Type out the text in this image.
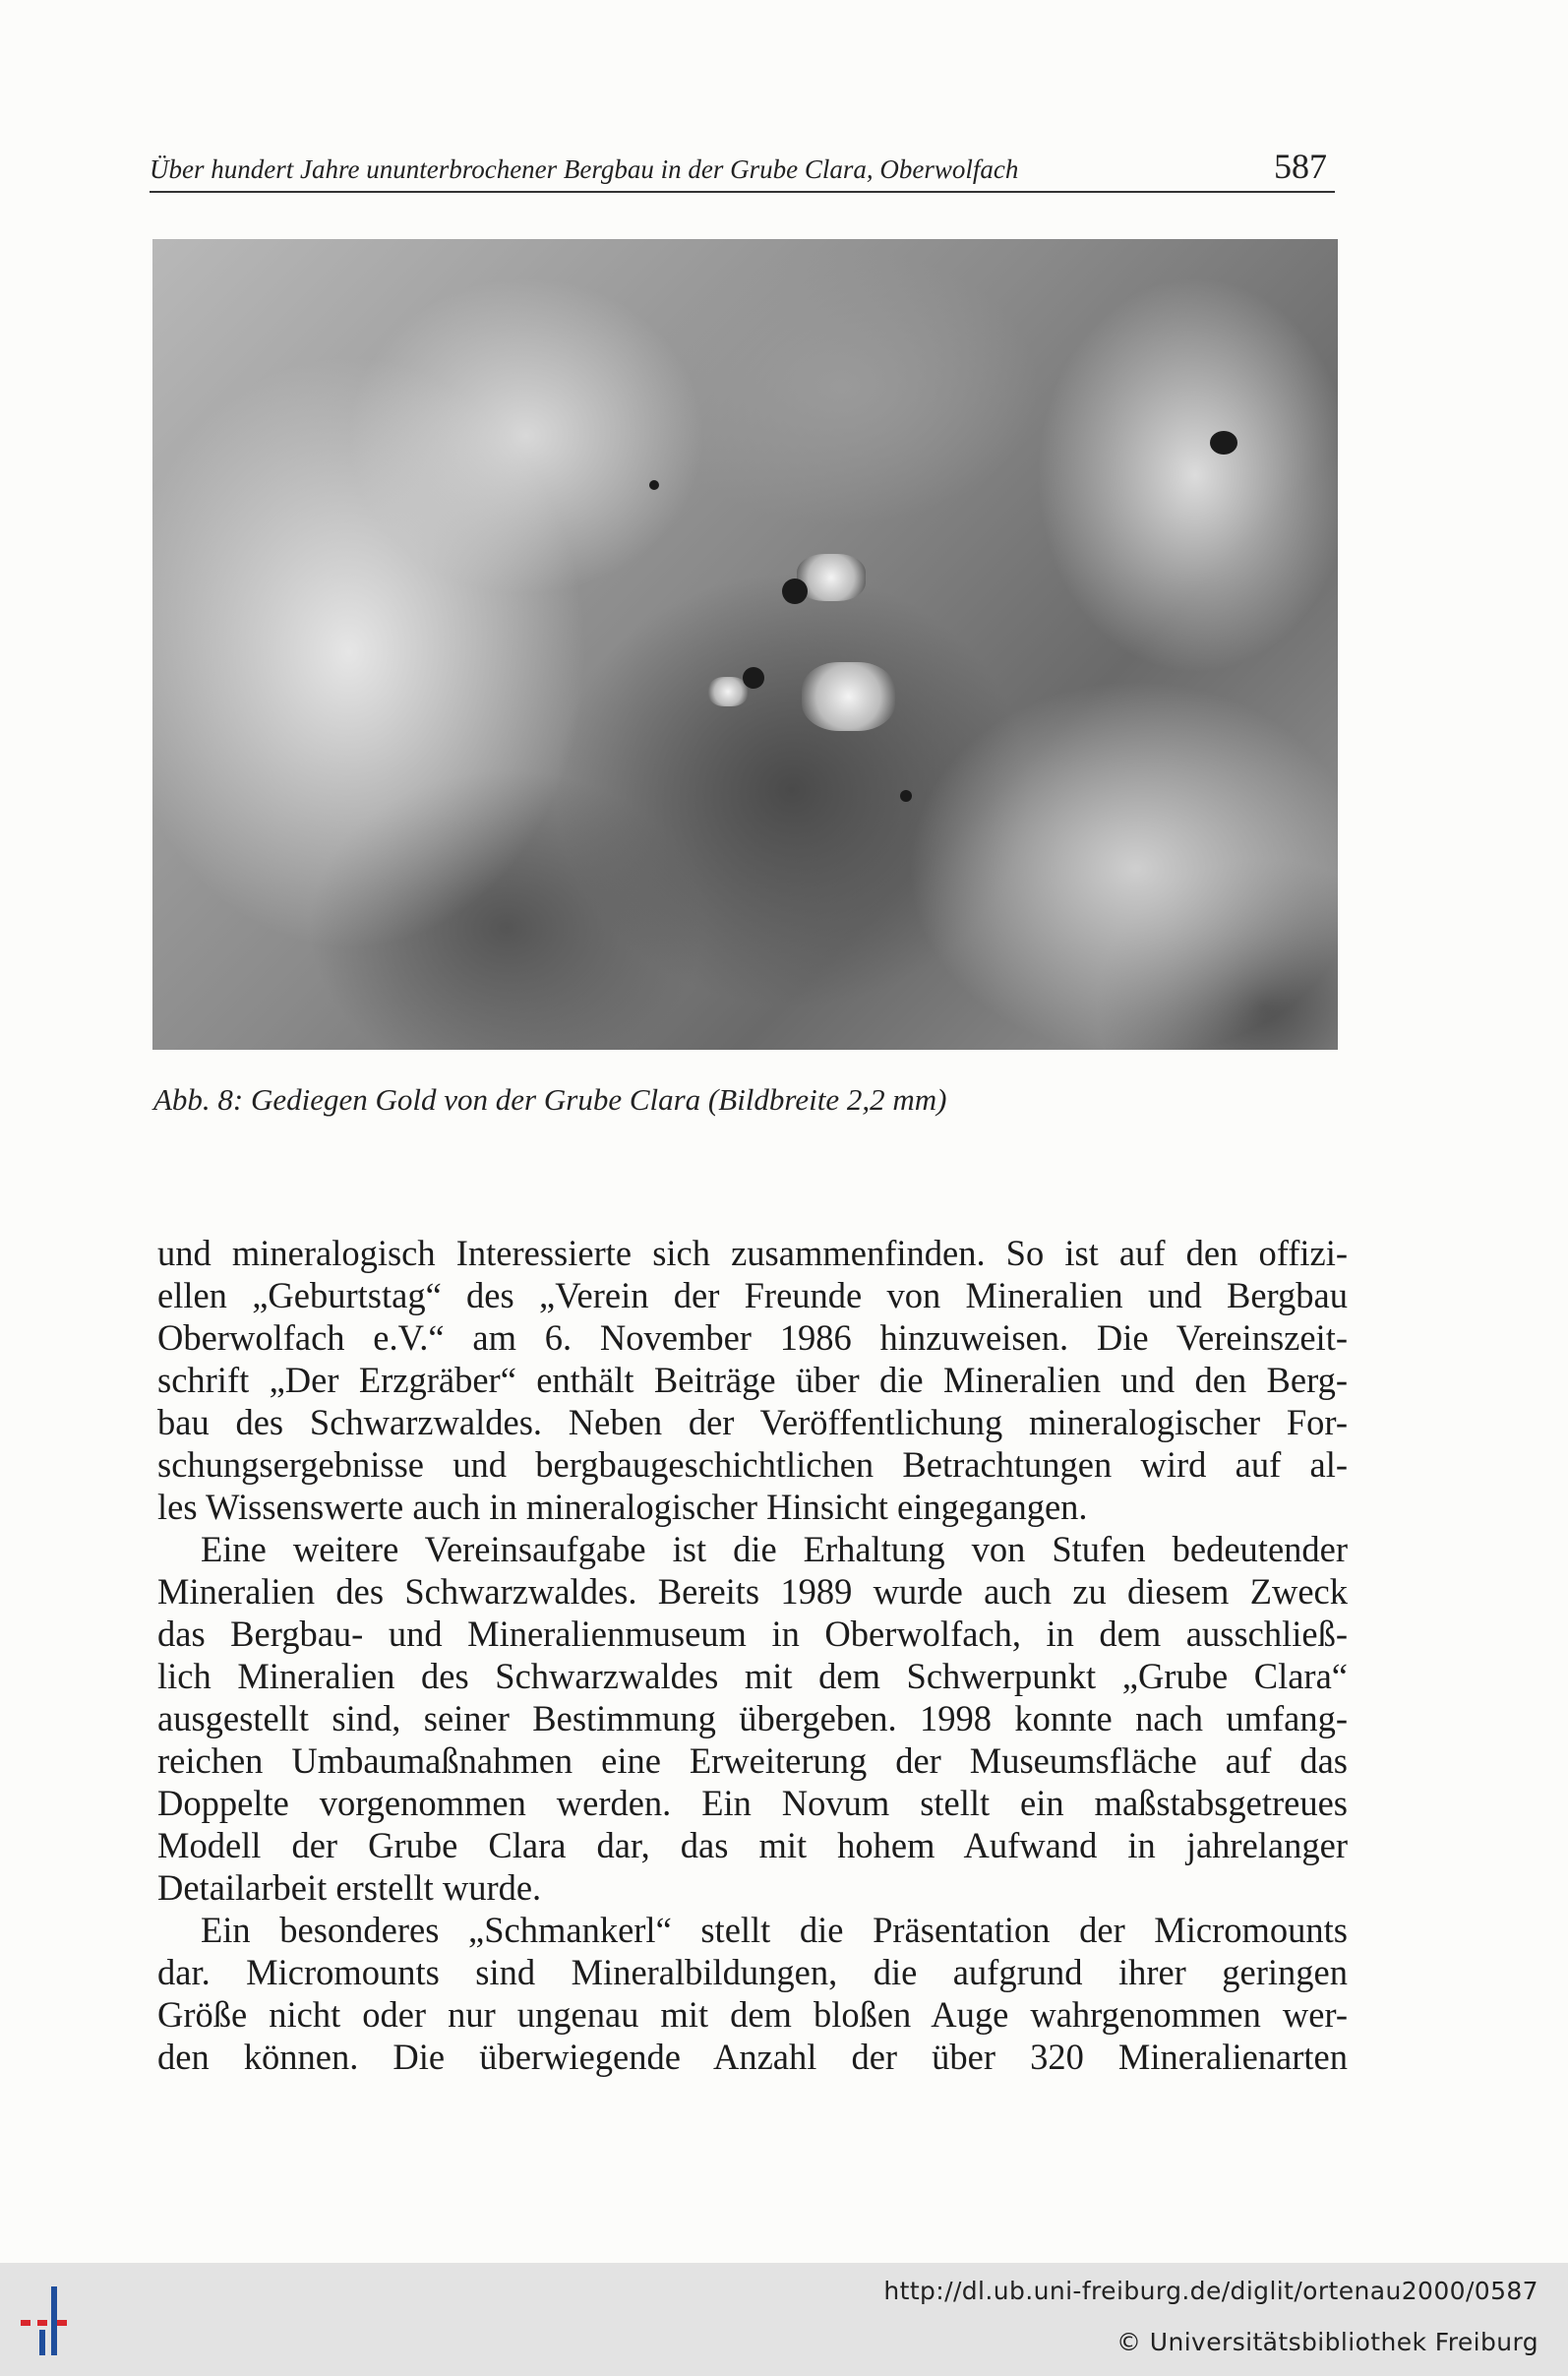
Über hundert Jahre ununterbrochener Bergbau in der Grube Clara, Oberwolfach	587
Abb. 8: Gediegen Gold von der Grube Clara (Bildbreite 2,2 mm)
und mineralogisch Interessierte sich zusammenfinden. So ist auf den offizi-
ellen „Geburtstag“ des „Verein der Freunde von Mineralien und Bergbau
Oberwolfach e.V.“ am 6. November 1986 hinzuweisen. Die Vereinszeit-
schrift „Der Erzgräber“ enthält Beiträge über die Mineralien und den Berg-
bau des Schwarzwaldes. Neben der Veröffentlichung mineralogischer For-
schungsergebnisse und bergbaugeschichtlichen Betrachtungen wird auf al-
les Wissenswerte auch in mineralogischer Hinsicht eingegangen.
Eine weitere Vereinsaufgabe ist die Erhaltung von Stufen bedeutender
Mineralien des Schwarzwaldes. Bereits 1989 wurde auch zu diesem Zweck
das Bergbau- und Mineralienmuseum in Oberwolfach, in dem ausschließ-
lich Mineralien des Schwarzwaldes mit dem Schwerpunkt „Grube Clara“
ausgestellt sind, seiner Bestimmung übergeben. 1998 konnte nach umfang-
reichen Umbaumaßnahmen eine Erweiterung der Museumsfläche auf das
Doppelte vorgenommen werden. Ein Novum stellt ein maßstabsgetreues
Modell der Grube Clara dar, das mit hohem Aufwand in jahrelanger
Detailarbeit erstellt wurde.
Ein besonderes „Schmankerl“ stellt die Präsentation der Micromounts
dar. Micromounts sind Mineralbildungen, die aufgrund ihrer geringen
Größe nicht oder nur ungenau mit dem bloßen Auge wahrgenommen wer-
den können. Die überwiegende Anzahl der über 320 Mineralienarten
http://dl.ub.uni-freiburg.de/diglit/ortenau2000/0587
© Universitätsbibliothek Freiburg
